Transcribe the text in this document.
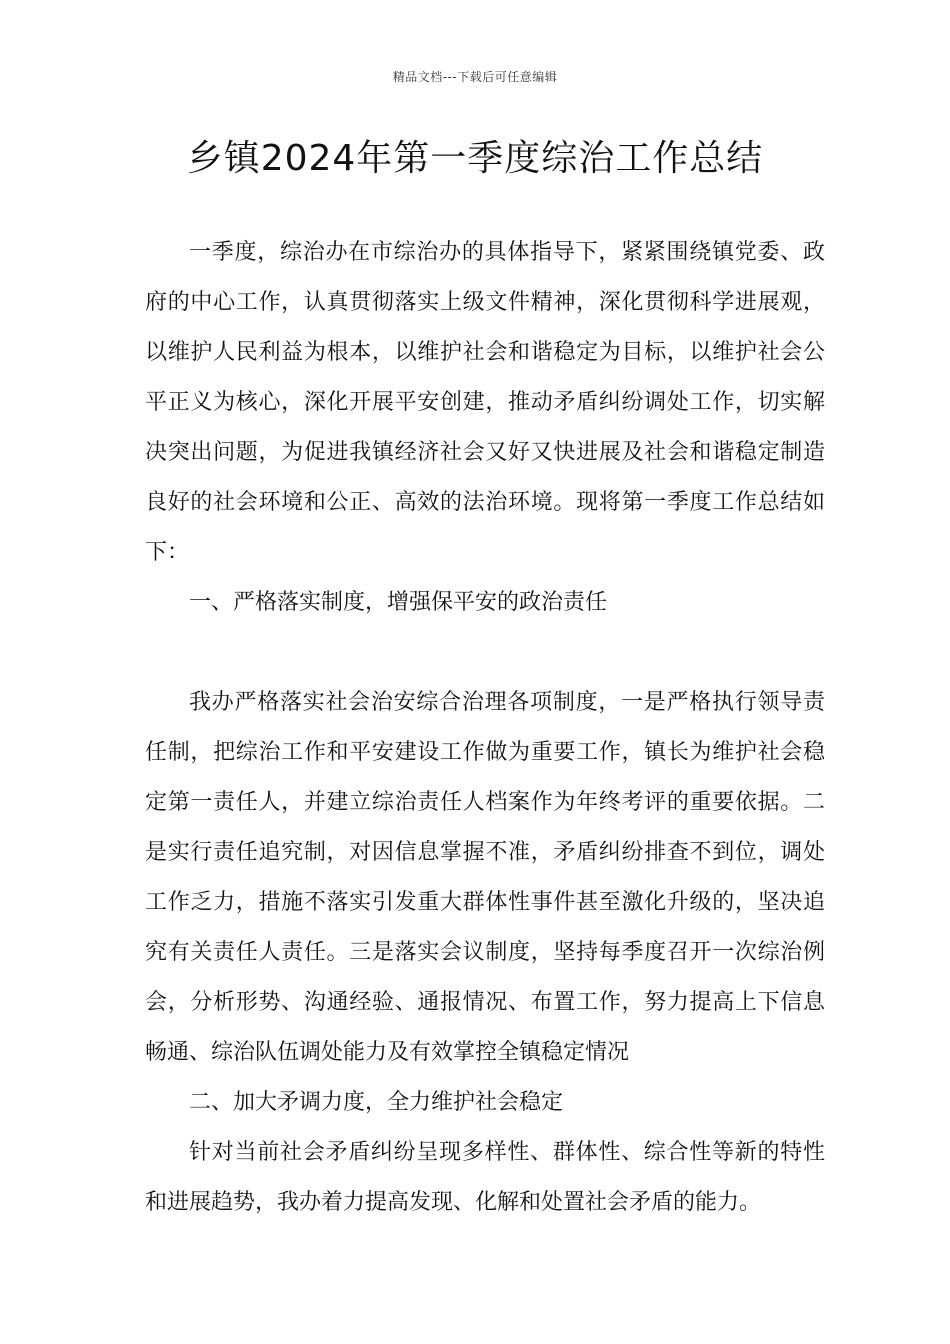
精品文档---下载后可任意编辑
乡镇2024年第一季度综治工作总结

一季度，综治办在市综治办的具体指导下，紧紧围绕镇党委、政府的中心工作，认真贯彻落实上级文件精神，深化贯彻科学进展观，以维护人民利益为根本，以维护社会和谐稳定为目标，以维护社会公平正义为核心，深化开展平安创建，推动矛盾纠纷调处工作，切实解决突出问题，为促进我镇经济社会又好又快进展及社会和谐稳定制造良好的社会环境和公正、高效的法治环境。现将第一季度工作总结如下：

一、严格落实制度，增强保平安的政治责任

我办严格落实社会治安综合治理各项制度，一是严格执行领导责任制，把综治工作和平安建设工作做为重要工作，镇长为维护社会稳定第一责任人，并建立综治责任人档案作为年终考评的重要依据。二是实行责任追究制，对因信息掌握不准，矛盾纠纷排查不到位，调处工作乏力，措施不落实引发重大群体性事件甚至激化升级的，坚决追究有关责任人责任。三是落实会议制度，坚持每季度召开一次综治例会，分析形势、沟通经验、通报情况、布置工作，努力提高上下信息畅通、综治队伍调处能力及有效掌控全镇稳定情况

二、加大矛调力度，全力维护社会稳定

针对当前社会矛盾纠纷呈现多样性、群体性、综合性等新的特性和进展趋势，我办着力提高发现、化解和处置社会矛盾的能力。
